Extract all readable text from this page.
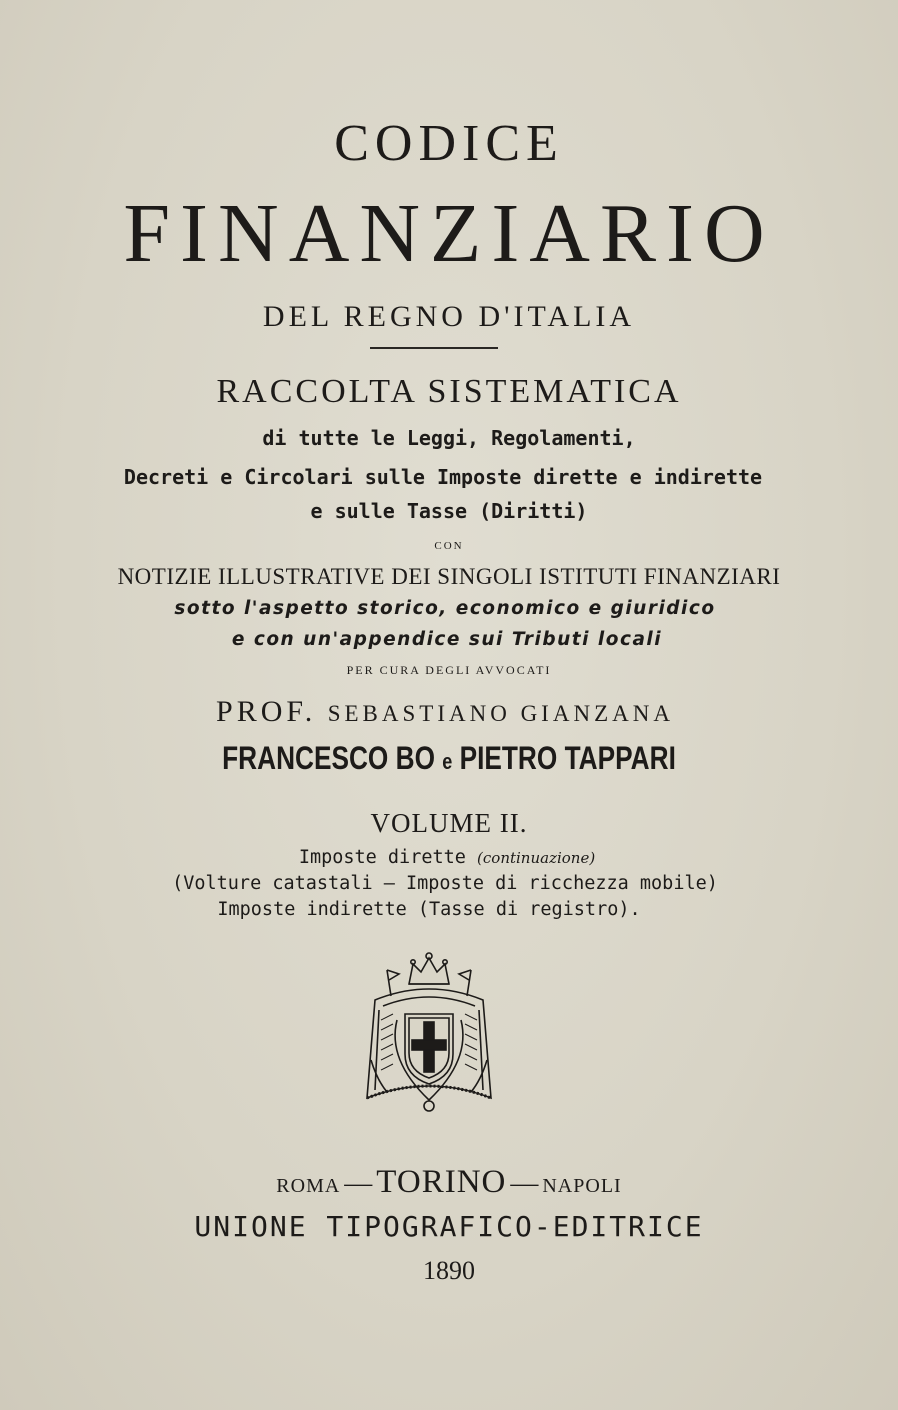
CODICE
FINANZIARIO
DEL REGNO D'ITALIA
RACCOLTA SISTEMATICA
di tutte le Leggi, Regolamenti,
Decreti e Circolari sulle Imposte dirette e indirette
e sulle Tasse (Diritti)
CON
NOTIZIE ILLUSTRATIVE DEI SINGOLI ISTITUTI FINANZIARI
sotto l'aspetto storico, economico e giuridico
e con un'appendice sui Tributi locali
PER CURA DEGLI AVVOCATI
PROF. SEBASTIANO GIANZANA
FRANCESCO BO e PIETRO TAPPARI
VOLUME II.
Imposte dirette (continuazione)
(Volture catastali – Imposte di ricchezza mobile)
Imposte indirette (Tasse di registro).
ROMA — TORINO — NAPOLI
UNIONE TIPOGRAFICO-EDITRICE
1890
